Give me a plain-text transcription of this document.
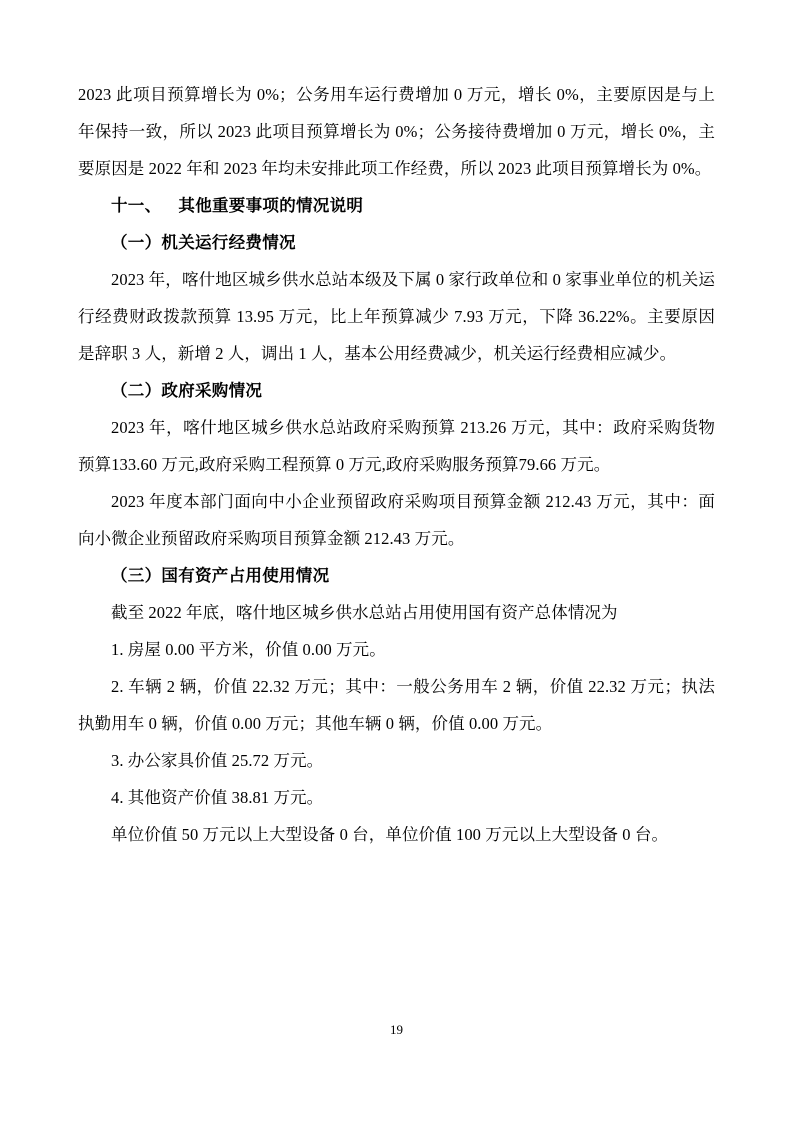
2023 此项目预算增长为 0%；公务用车运行费增加 0 万元，增长 0%，主要原因是与上年保持一致，所以 2023 此项目预算增长为 0%；公务接待费增加 0 万元，增长 0%，主要原因是 2022 年和 2023 年均未安排此项工作经费，所以 2023 此项目预算增长为 0%。

十一、 其他重要事项的情况说明

（一）机关运行经费情况

2023 年，喀什地区城乡供水总站本级及下属 0 家行政单位和 0 家事业单位的机关运行经费财政拨款预算 13.95 万元，比上年预算减少 7.93 万元，下降 36.22%。主要原因是辞职 3 人，新增 2 人，调出 1 人，基本公用经费减少，机关运行经费相应减少。

（二）政府采购情况

2023 年，喀什地区城乡供水总站政府采购预算 213.26 万元，其中：政府采购货物预算133.60 万元,政府采购工程预算 0 万元,政府采购服务预算79.66 万元。

2023 年度本部门面向中小企业预留政府采购项目预算金额 212.43 万元，其中：面向小微企业预留政府采购项目预算金额 212.43 万元。

（三）国有资产占用使用情况

截至 2022 年底，喀什地区城乡供水总站占用使用国有资产总体情况为

1. 房屋 0.00 平方米，价值 0.00 万元。

2. 车辆 2 辆，价值 22.32 万元；其中：一般公务用车 2 辆，价值 22.32 万元；执法执勤用车 0 辆，价值 0.00 万元；其他车辆 0 辆，价值 0.00 万元。

3. 办公家具价值 25.72 万元。

4. 其他资产价值 38.81 万元。

单位价值 50 万元以上大型设备 0 台，单位价值 100 万元以上大型设备 0 台。

19
